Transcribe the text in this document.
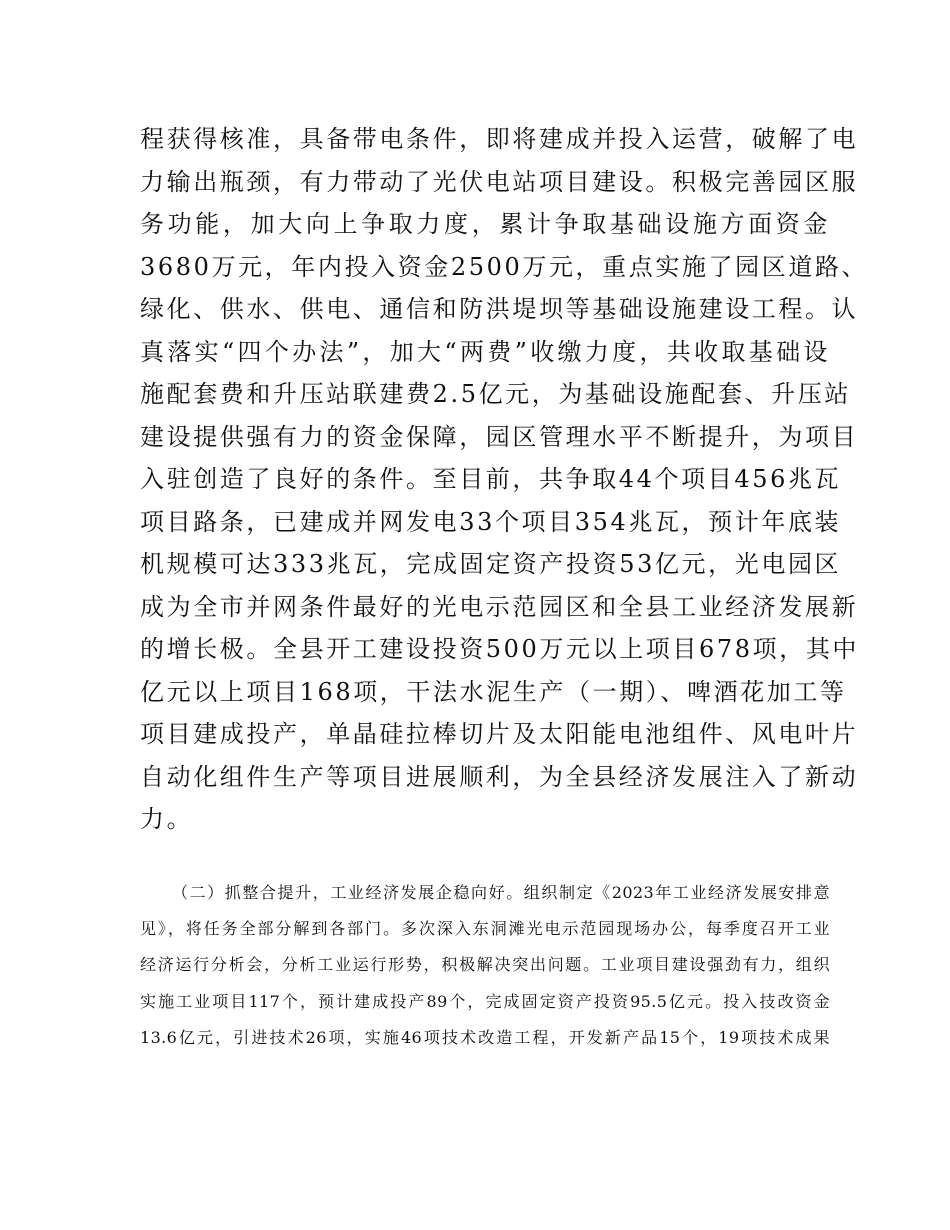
程获得核准，具备带电条件，即将建成并投入运营，破解了电
力输出瓶颈，有力带动了光伏电站项目建设。积极完善园区服
务功能，加大向上争取力度，累计争取基础设施方面资金
3680万元，年内投入资金2500万元，重点实施了园区道路、
绿化、供水、供电、通信和防洪堤坝等基础设施建设工程。认
真落实“四个办法”，加大“两费”收缴力度，共收取基础设
施配套费和升压站联建费2.5亿元，为基础设施配套、升压站
建设提供强有力的资金保障，园区管理水平不断提升，为项目
入驻创造了良好的条件。至目前，共争取44个项目456兆瓦
项目路条，已建成并网发电33个项目354兆瓦，预计年底装
机规模可达333兆瓦，完成固定资产投资53亿元，光电园区
成为全市并网条件最好的光电示范园区和全县工业经济发展新
的增长极。全县开工建设投资500万元以上项目678项，其中
亿元以上项目168项，干法水泥生产（一期）、啤酒花加工等
项目建成投产，单晶硅拉棒切片及太阳能电池组件、风电叶片
自动化组件生产等项目进展顺利，为全县经济发展注入了新动
力。
（二）抓整合提升，工业经济发展企稳向好。组织制定《2023年工业经济发展安排意
见》，将任务全部分解到各部门。多次深入东洞滩光电示范园现场办公，每季度召开工业
经济运行分析会，分析工业运行形势，积极解决突出问题。工业项目建设强劲有力，组织
实施工业项目117个，预计建成投产89个，完成固定资产投资95.5亿元。投入技改资金
13.6亿元，引进技术26项，实施46项技术改造工程，开发新产品15个，19项技术成果
